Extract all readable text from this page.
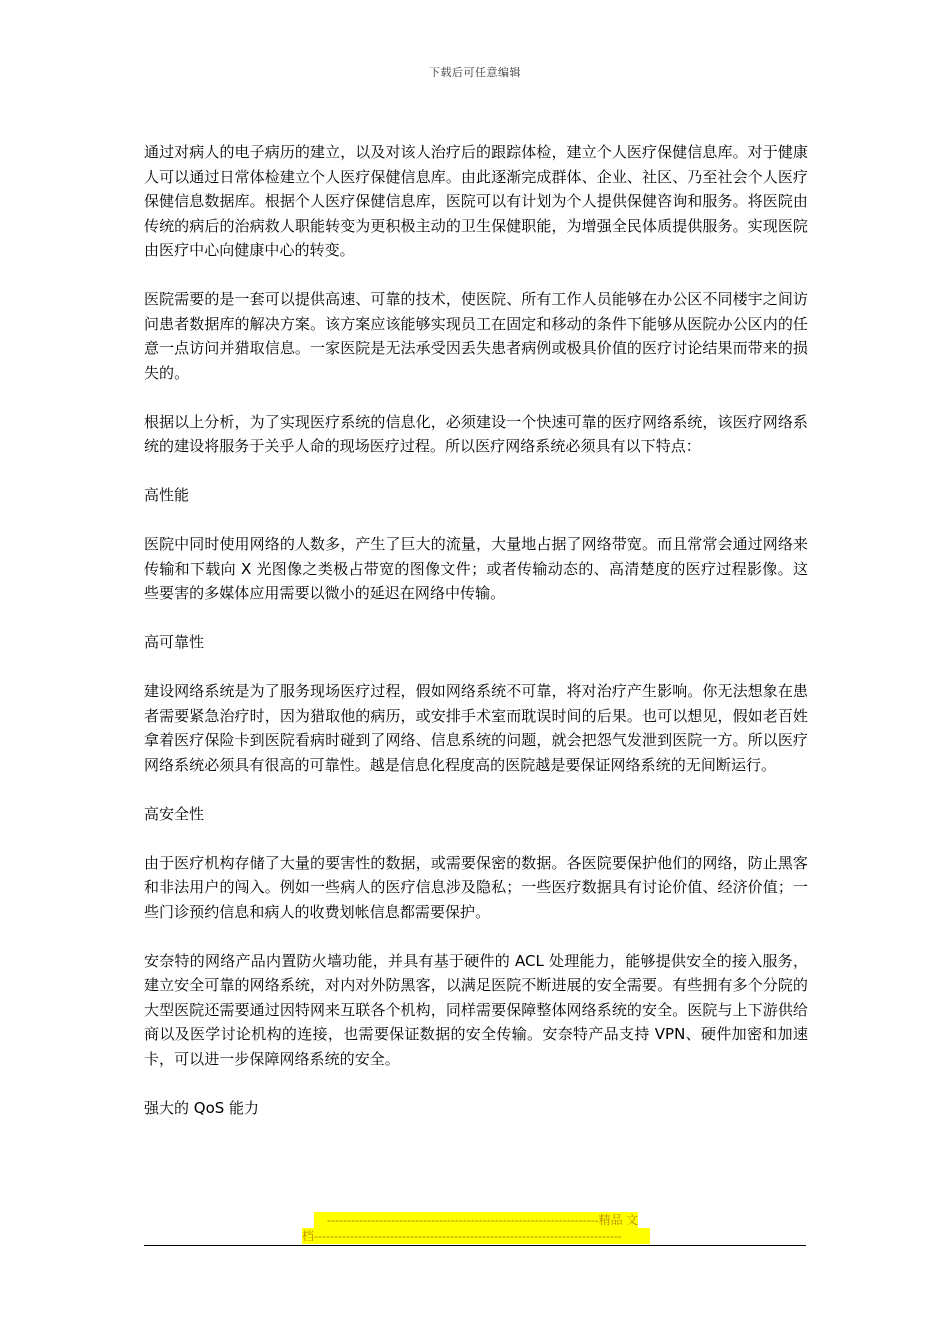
下载后可任意编辑

通过对病人的电子病历的建立，以及对该人治疗后的跟踪体检，建立个人医疗保健信息库。对于健康人可以通过日常体检建立个人医疗保健信息库。由此逐渐完成群体、企业、社区、乃至社会个人医疗保健信息数据库。根据个人医疗保健信息库，医院可以有计划为个人提供保健咨询和服务。将医院由传统的病后的治病救人职能转变为更积极主动的卫生保健职能，为增强全民体质提供服务。实现医院由医疗中心向健康中心的转变。

医院需要的是一套可以提供高速、可靠的技术，使医院、所有工作人员能够在办公区不同楼宇之间访问患者数据库的解决方案。该方案应该能够实现员工在固定和移动的条件下能够从医院办公区内的任意一点访问并猎取信息。一家医院是无法承受因丢失患者病例或极具价值的医疗讨论结果而带来的损失的。

根据以上分析，为了实现医疗系统的信息化，必须建设一个快速可靠的医疗网络系统，该医疗网络系统的建设将服务于关乎人命的现场医疗过程。所以医疗网络系统必须具有以下特点：

高性能

医院中同时使用网络的人数多，产生了巨大的流量，大量地占据了网络带宽。而且常常会通过网络来传输和下载向 X 光图像之类极占带宽的图像文件；或者传输动态的、高清楚度的医疗过程影像。这些要害的多媒体应用需要以微小的延迟在网络中传输。

高可靠性

建设网络系统是为了服务现场医疗过程，假如网络系统不可靠，将对治疗产生影响。你无法想象在患者需要紧急治疗时，因为猎取他的病历，或安排手术室而耽误时间的后果。也可以想见，假如老百姓拿着医疗保险卡到医院看病时碰到了网络、信息系统的问题，就会把怨气发泄到医院一方。所以医疗网络系统必须具有很高的可靠性。越是信息化程度高的医院越是要保证网络系统的无间断运行。

高安全性

由于医疗机构存储了大量的要害性的数据，或需要保密的数据。各医院要保护他们的网络，防止黑客和非法用户的闯入。例如一些病人的医疗信息涉及隐私；一些医疗数据具有讨论价值、经济价值；一些门诊预约信息和病人的收费划帐信息都需要保护。

安奈特的网络产品内置防火墙功能，并具有基于硬件的 ACL 处理能力，能够提供安全的接入服务，建立安全可靠的网络系统，对内对外防黑客，以满足医院不断进展的安全需要。有些拥有多个分院的大型医院还需要通过因特网来互联各个机构，同样需要保障整体网络系统的安全。医院与上下游供给商以及医学讨论机构的连接，也需要保证数据的安全传输。安奈特产品支持 VPN、硬件加密和加速卡，可以进一步保障网络系统的安全。

强大的 QoS 能力
--------------------------------------------------------------------精品 文
档-----------------------------------------------------------------------------
